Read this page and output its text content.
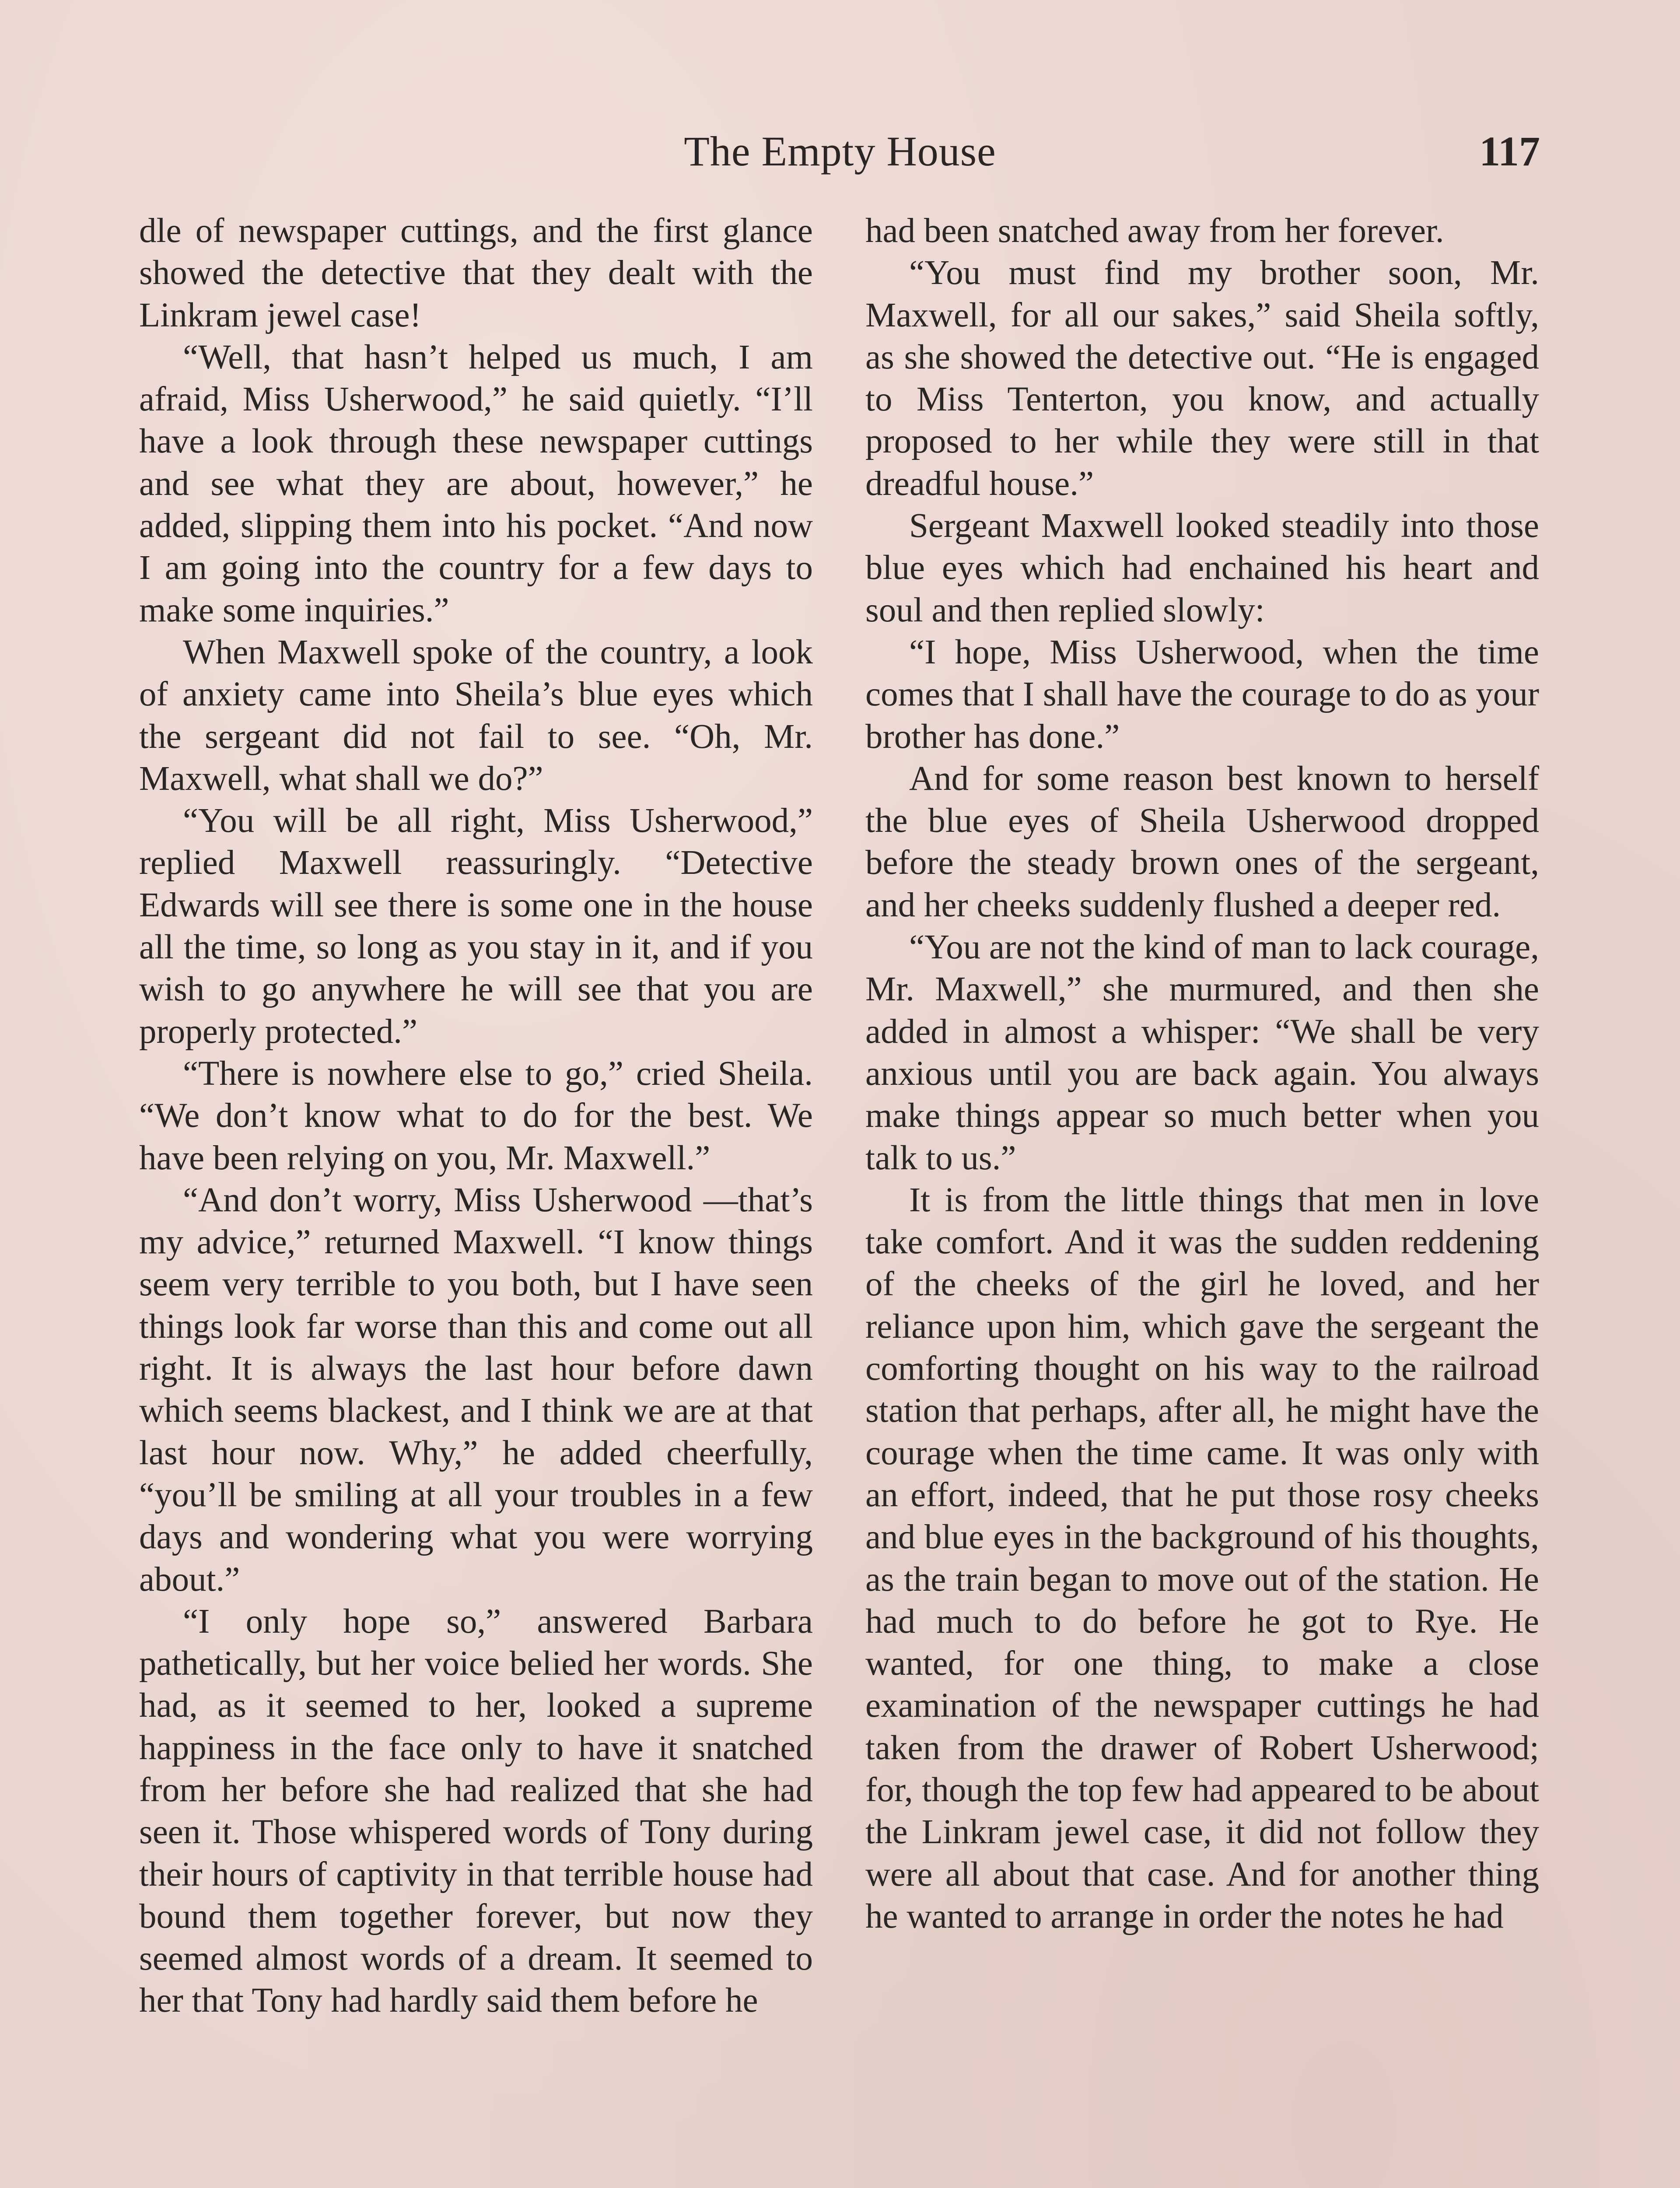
The Empty House	117

dle of newspaper cuttings, and the first glance showed the detective that they dealt with the Linkram jewel case!

“Well, that hasn’t helped us much, I am afraid, Miss Usherwood,” he said quietly. “I’ll have a look through these newspaper cuttings and see what they are about, however,” he added, slipping them into his pocket. “And now I am going into the country for a few days to make some inquiries.”

When Maxwell spoke of the country, a look of anxiety came into Sheila’s blue eyes which the sergeant did not fail to see. “Oh, Mr. Maxwell, what shall we do?”

“You will be all right, Miss Usherwood,” replied Maxwell reassuringly. “Detective Edwards will see there is some one in the house all the time, so long as you stay in it, and if you wish to go anywhere he will see that you are properly protected.”

“There is nowhere else to go,” cried Sheila. “We don’t know what to do for the best. We have been relying on you, Mr. Maxwell.”

“And don’t worry, Miss Usherwood —that’s my advice,” returned Maxwell. “I know things seem very terrible to you both, but I have seen things look far worse than this and come out all right. It is always the last hour before dawn which seems blackest, and I think we are at that last hour now. Why,” he added cheerfully, “you’ll be smiling at all your troubles in a few days and wondering what you were worrying about.”

“I only hope so,” answered Barbara pathetically, but her voice belied her words. She had, as it seemed to her, looked a supreme happiness in the face only to have it snatched from her before she had realized that she had seen it. Those whispered words of Tony during their hours of captivity in that terrible house had bound them together forever, but now they seemed almost words of a dream. It seemed to her that Tony had hardly said them before he

had been snatched away from her forever.

“You must find my brother soon, Mr. Maxwell, for all our sakes,” said Sheila softly, as she showed the detective out. “He is engaged to Miss Tenterton, you know, and actually proposed to her while they were still in that dreadful house.”

Sergeant Maxwell looked steadily into those blue eyes which had enchained his heart and soul and then replied slowly:

“I hope, Miss Usherwood, when the time comes that I shall have the courage to do as your brother has done.”

And for some reason best known to herself the blue eyes of Sheila Usherwood dropped before the steady brown ones of the sergeant, and her cheeks suddenly flushed a deeper red.

“You are not the kind of man to lack courage, Mr. Maxwell,” she murmured, and then she added in almost a whisper: “We shall be very anxious until you are back again. You always make things appear so much better when you talk to us.”

It is from the little things that men in love take comfort. And it was the sudden reddening of the cheeks of the girl he loved, and her reliance upon him, which gave the sergeant the comforting thought on his way to the railroad station that perhaps, after all, he might have the courage when the time came. It was only with an effort, indeed, that he put those rosy cheeks and blue eyes in the background of his thoughts, as the train began to move out of the station. He had much to do before he got to Rye. He wanted, for one thing, to make a close examination of the newspaper cuttings he had taken from the drawer of Robert Usherwood; for, though the top few had appeared to be about the Linkram jewel case, it did not follow they were all about that case. And for another thing he wanted to arrange in order the notes he had
